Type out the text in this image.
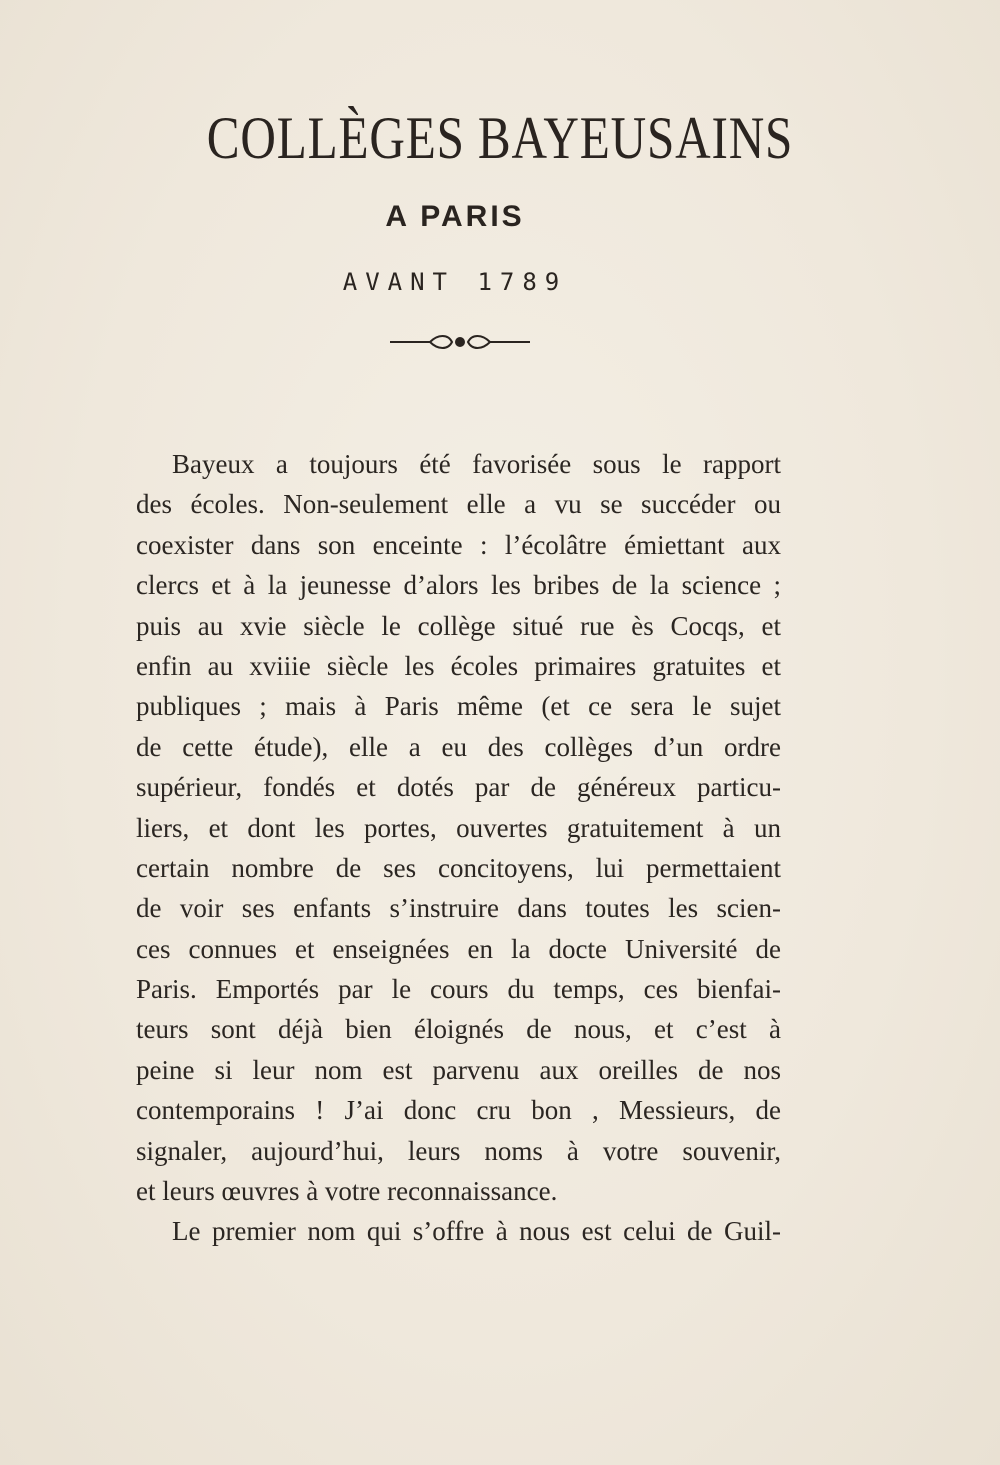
COLLÈGES BAYEUSAINS
A PARIS
AVANT 1789
Bayeux a toujours été favorisée sous le rapport
des écoles. Non-seulement elle a vu se succéder ou
coexister dans son enceinte : l’écolâtre émiettant aux
clercs et à la jeunesse d’alors les bribes de la science ;
puis au xvie siècle le collège situé rue ès Cocqs, et
enfin au xviiie siècle les écoles primaires gratuites et
publiques ; mais à Paris même (et ce sera le sujet
de cette étude), elle a eu des collèges d’un ordre
supérieur, fondés et dotés par de généreux particu-
liers, et dont les portes, ouvertes gratuitement à un
certain nombre de ses concitoyens, lui permettaient
de voir ses enfants s’instruire dans toutes les scien-
ces connues et enseignées en la docte Université de
Paris. Emportés par le cours du temps, ces bienfai-
teurs sont déjà bien éloignés de nous, et c’est à
peine si leur nom est parvenu aux oreilles de nos
contemporains ! J’ai donc cru bon , Messieurs, de
signaler, aujourd’hui, leurs noms à votre souvenir,
et leurs œuvres à votre reconnaissance.
Le premier nom qui s’offre à nous est celui de Guil-
